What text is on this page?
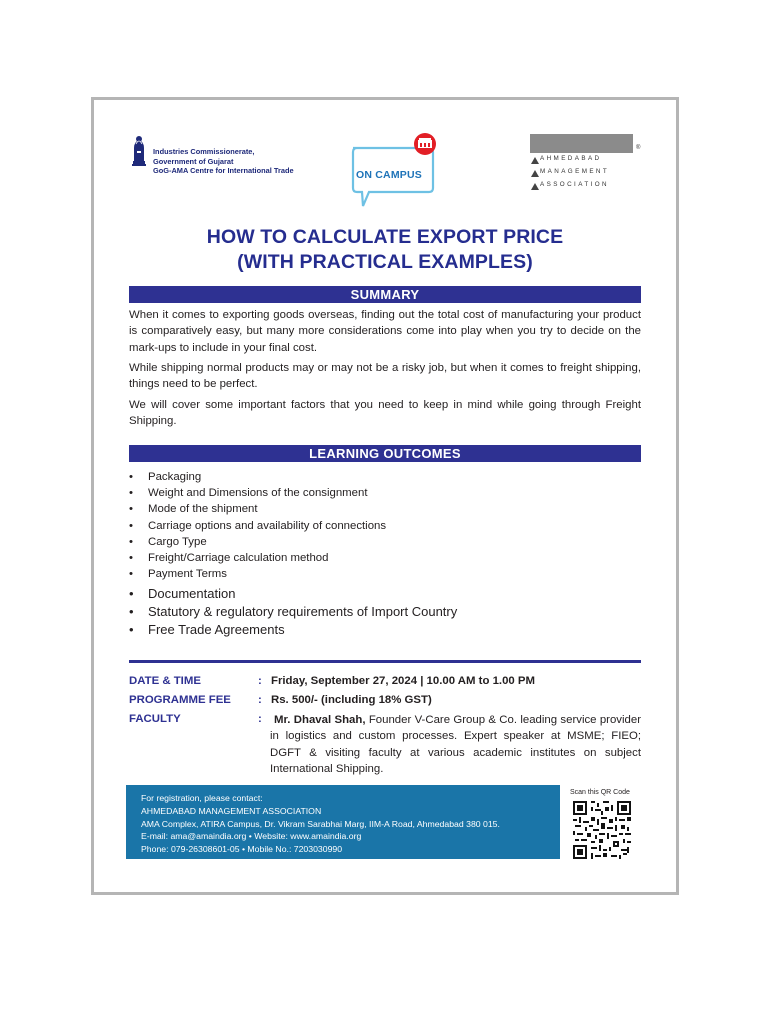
Industries Commissionerate,
Government of Gujarat
GoG-AMA Centre for International Trade	ON CAMPUS
®
AHMEDABAD
MANAGEMENT
ASSOCIATION
HOW TO CALCULATE EXPORT PRICE
(WITH PRACTICAL EXAMPLES)
SUMMARY
When it comes to exporting goods overseas, finding out the total cost of manufacturing your product is comparatively easy, but many more considerations come into play when you try to decide on the mark-ups to include in your final cost.
While shipping normal products may or may not be a risky job, but when it comes to freight shipping, things need to be perfect.
We will cover some important factors that you need to keep in mind while going through Freight Shipping.
LEARNING OUTCOMES
• Packaging
• Weight and Dimensions of the consignment
• Mode of the shipment
• Carriage options and availability of connections
• Cargo Type
• Freight/Carriage calculation method
• Payment Terms
• Documentation
• Statutory & regulatory requirements of Import Country
• Free Trade Agreements
DATE & TIME	: Friday, September 27, 2024 | 10.00 AM to 1.00 PM
PROGRAMME FEE : Rs. 500/- (including 18% GST)
FACULTY	:	Mr. Dhaval Shah, Founder V-Care Group & Co. leading service provider in logistics and custom processes. Expert speaker at MSME; FIEO; DGFT & visiting faculty at various academic institutes on subject International Shipping.
For registration, please contact:
AHMEDABAD MANAGEMENT ASSOCIATION
AMA Complex, ATIRA Campus, Dr. Vikram Sarabhai Marg, IIM-A Road, Ahmedabad 380 015.
E-mail: ama@amaindia.org • Website: www.amaindia.org
Phone: 079-26308601-05 • Mobile No.: 7203030990
Scan this QR Code
